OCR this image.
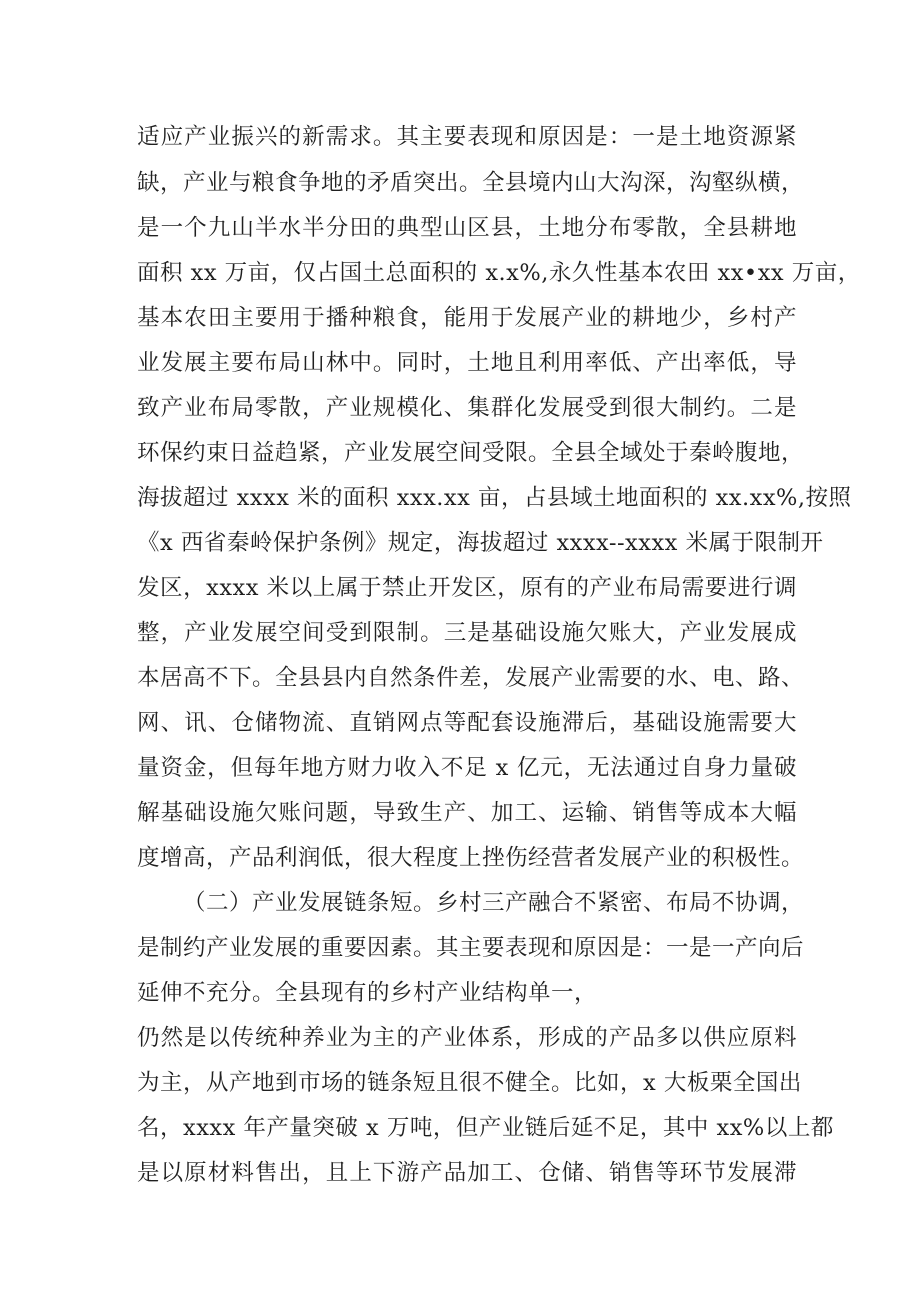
适应产业振兴的新需求。其主要表现和原因是：一是土地资源紧
缺，产业与粮食争地的矛盾突出。全县境内山大沟深，沟壑纵横，
是一个九山半水半分田的典型山区县，土地分布零散，全县耕地
面积 xx 万亩，仅占国土总面积的 x.x%,永久性基本农田 xx•xx 万亩，
基本农田主要用于播种粮食，能用于发展产业的耕地少，乡村产
业发展主要布局山林中。同时，土地且利用率低、产出率低，导
致产业布局零散，产业规模化、集群化发展受到很大制约。二是
环保约束日益趋紧，产业发展空间受限。全县全域处于秦岭腹地，
海拔超过 xxxx 米的面积 xxx.xx 亩，占县域土地面积的 xx.xx%,按照
《x 西省秦岭保护条例》规定，海拔超过 xxxx--xxxx 米属于限制开
发区，xxxx 米以上属于禁止开发区，原有的产业布局需要进行调
整，产业发展空间受到限制。三是基础设施欠账大，产业发展成
本居高不下。全县县内自然条件差，发展产业需要的水、电、路、
网、讯、仓储物流、直销网点等配套设施滞后，基础设施需要大
量资金，但每年地方财力收入不足 x 亿元，无法通过自身力量破
解基础设施欠账问题，导致生产、加工、运输、销售等成本大幅
度增高，产品利润低，很大程度上挫伤经营者发展产业的积极性。
（二）产业发展链条短。乡村三产融合不紧密、布局不协调，
是制约产业发展的重要因素。其主要表现和原因是：一是一产向后
延伸不充分。全县现有的乡村产业结构单一，
仍然是以传统种养业为主的产业体系，形成的产品多以供应原料
为主，从产地到市场的链条短且很不健全。比如，x 大板栗全国出
名，xxxx 年产量突破 x 万吨，但产业链后延不足，其中 xx%以上都
是以原材料售出，且上下游产品加工、仓储、销售等环节发展滞
